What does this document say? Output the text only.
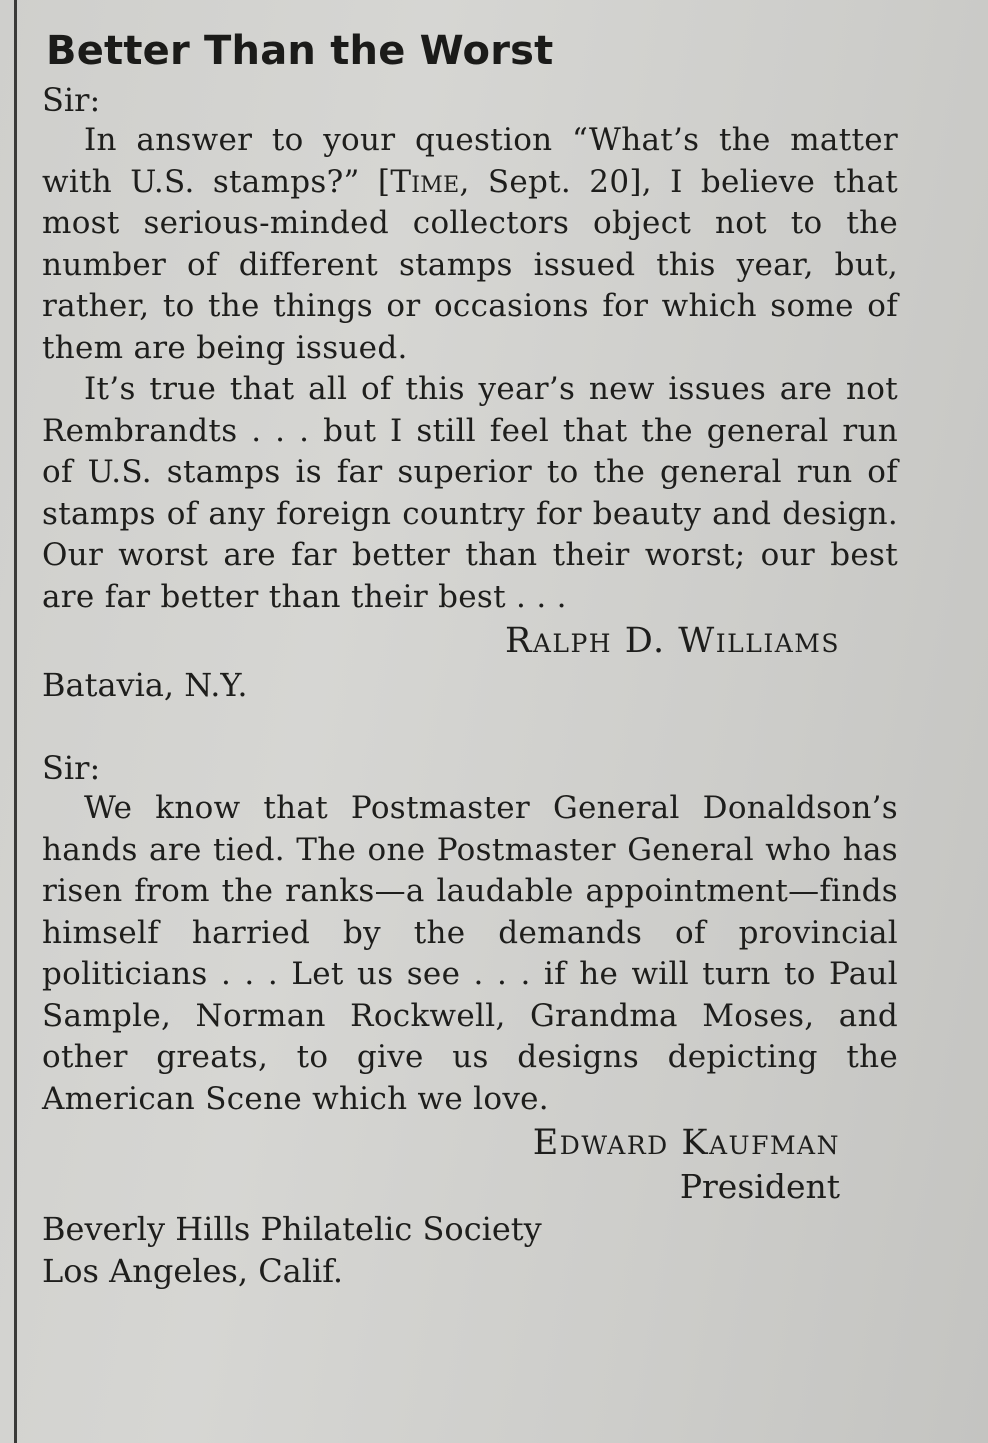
Better Than the Worst

Sir:

In answer to your question “What’s the matter with U.S. stamps?” [Time, Sept. 20], I believe that most serious-minded collectors object not to the number of different stamps issued this year, but, rather, to the things or occasions for which some of them are being issued.

It’s true that all of this year’s new issues are not Rembrandts . . . but I still feel that the general run of U.S. stamps is far superior to the general run of stamps of any foreign country for beauty and design. Our worst are far better than their worst; our best are far better than their best . . .

Ralph D. Williams

Batavia, N.Y.

Sir:

We know that Postmaster General Donaldson’s hands are tied. The one Postmaster General who has risen from the ranks—a laudable appointment—finds himself harried by the demands of provincial politicians . . . Let us see . . . if he will turn to Paul Sample, Norman Rockwell, Grandma Moses, and other greats, to give us designs depicting the American Scene which we love.

Edward Kaufman

President

Beverly Hills Philatelic Society

Los Angeles, Calif.
